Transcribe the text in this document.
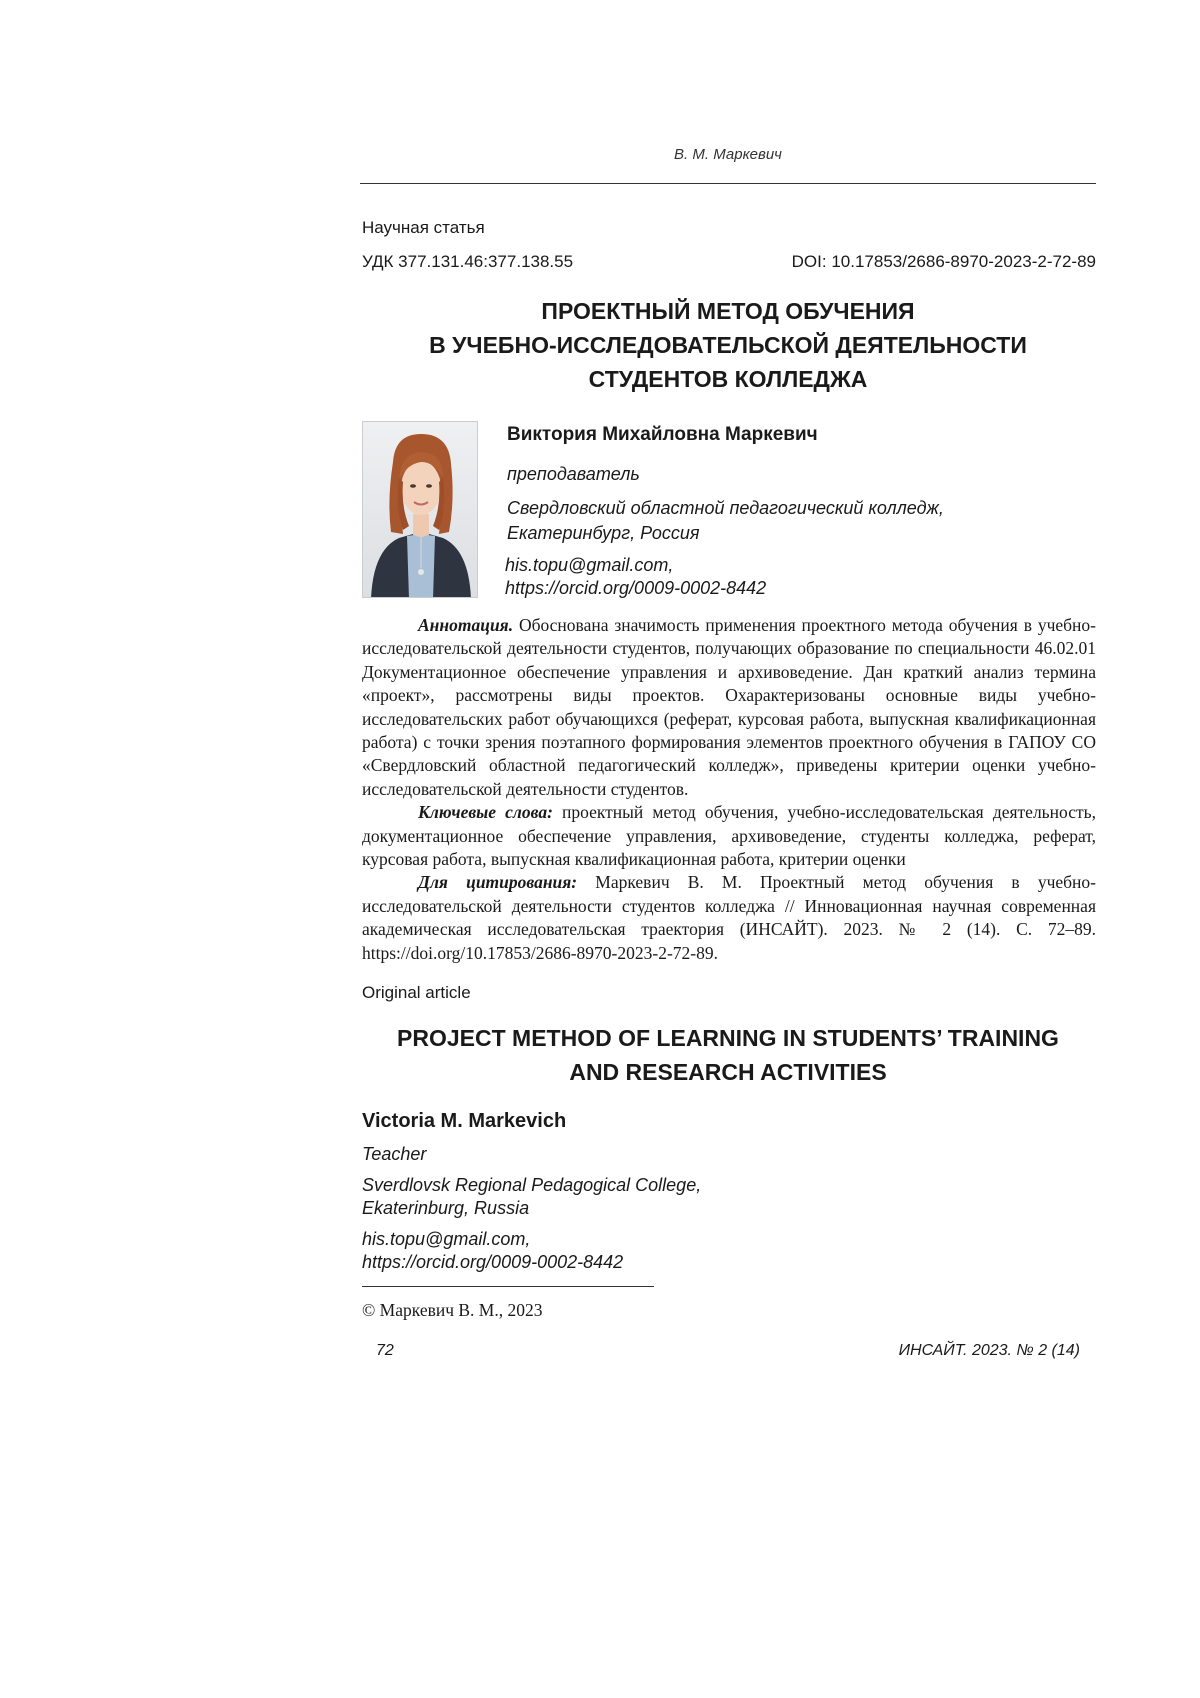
В. М. Маркевич
Научная статья
УДК 377.131.46:377.138.55	DOI: 10.17853/2686-8970-2023-2-72-89
ПРОЕКТНЫЙ МЕТОД ОБУЧЕНИЯ
В УЧЕБНО-ИССЛЕДОВАТЕЛЬСКОЙ ДЕЯТЕЛЬНОСТИ
СТУДЕНТОВ КОЛЛЕДЖА
Виктория Михайловна Маркевич
преподаватель
Свердловский областной педагогический колледж,
Екатеринбург, Россия
his.topu@gmail.com,
https://orcid.org/0009-0002-8442

Аннотация. Обоснована значимость применения проектного метода обучения в учебно-исследовательской деятельности студентов, получающих образование по специальности 46.02.01 Документационное обеспечение управления и архивоведение. Дан краткий анализ термина «проект», рассмотрены виды проектов. Охарактеризованы основные виды учебно-исследовательских работ обучающихся (реферат, курсовая работа, выпускная квалификационная работа) с точки зрения поэтапного формирования элементов проектного обучения в ГАПОУ СО «Свердловский областной педагогический колледж», приведены критерии оценки учебно-исследовательской деятельности студентов.

Ключевые слова: проектный метод обучения, учебно-исследовательская деятельность, документационное обеспечение управления, архивоведение, студенты колледжа, реферат, курсовая работа, выпускная квалификационная работа, критерии оценки

Для цитирования: Маркевич В. М. Проектный метод обучения в учебно-исследовательской деятельности студентов колледжа // Инновационная научная современная академическая исследовательская траектория (ИНСАЙТ). 2023. № 2 (14). С. 72–89. https://doi.org/10.17853/2686-8970-2023-2-72-89.

Original article
PROJECT METHOD OF LEARNING IN STUDENTS’ TRAINING
AND RESEARCH ACTIVITIES
Victoria M. Markevich
Teacher
Sverdlovsk Regional Pedagogical College,
Ekaterinburg, Russia
his.topu@gmail.com,
https://orcid.org/0009-0002-8442
© Маркевич В. М., 2023
72	ИНСАЙТ. 2023. № 2 (14)
